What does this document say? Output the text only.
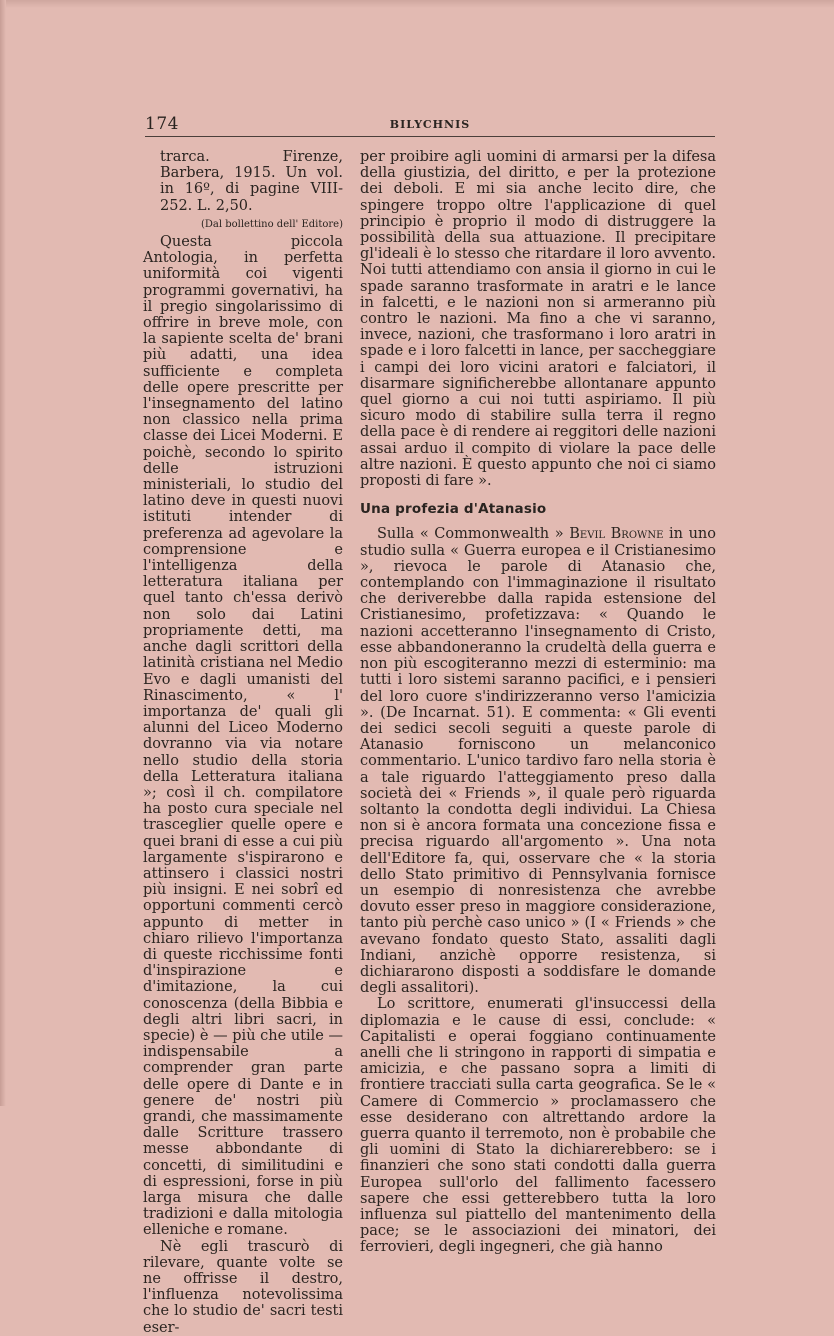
174	BILYCHNIS

trarca. Firenze, Barbera, 1915. Un vol. in 16º, di pagine VIII-252. L. 2,50.

(Dal bollettino dell' Editore)

Questa piccola Antologia, in perfetta uniformità coi vigenti programmi governativi, ha il pregio singolarissimo di offrire in breve mole, con la sapiente scelta de' brani più adatti, una idea sufficiente e completa delle opere prescritte per l'insegnamento del latino non classico nella prima classe dei Licei Moderni. E poichè, secondo lo spirito delle istruzioni ministeriali, lo studio del latino deve in questi nuovi istituti intender di preferenza ad agevolare la comprensione e l'intelligenza della letteratura italiana per quel tanto ch'essa derivò non solo dai Latini propriamente detti, ma anche dagli scrittori della latinità cristiana nel Medio Evo e dagli umanisti del Rinascimento, « l' importanza de' quali gli alunni del Liceo Moderno dovranno via via notare nello studio della storia della Letteratura italiana »; così il ch. compilatore ha posto cura speciale nel trasceglier quelle opere e quei brani di esse a cui più largamente s'ispirarono e attinsero i classici nostri più insigni. E nei sobrî ed opportuni commenti cercò appunto di metter in chiaro rilievo l'importanza di queste ricchissime fonti d'inspirazione e d'imitazione, la cui conoscenza (della Bibbia e degli altri libri sacri, in specie) è — più che utile — indispensabile a comprender gran parte delle opere di Dante e in genere de' nostri più grandi, che massimamente dalle Scritture trassero messe abbondante di concetti, di similitudini e di espressioni, forse in più larga misura che dalle tradizioni e dalla mitologia elleniche e romane.

Nè egli trascurò di rilevare, quante volte se ne offrisse il destro, l'influenza notevolissima che lo studio de' sacri testi eser-

per proibire agli uomini di armarsi per la difesa della giustizia, del diritto, e per la protezione dei deboli. E mi sia anche lecito dire, che spingere troppo oltre l'applicazione di quel principio è proprio il modo di distruggere la possibilità della sua attuazione. Il precipitare gl'ideali è lo stesso che ritardare il loro avvento. Noi tutti attendiamo con ansia il giorno in cui le spade saranno trasformate in aratri e le lance in falcetti, e le nazioni non si armeranno più contro le nazioni. Ma fino a che vi saranno, invece, nazioni, che trasformano i loro aratri in spade e i loro falcetti in lance, per saccheggiare i campi dei loro vicini aratori e falciatori, il disarmare significherebbe allontanare appunto quel giorno a cui noi tutti aspiriamo. Il più sicuro modo di stabilire sulla terra il regno della pace è di rendere ai reggitori delle nazioni assai arduo il compito di violare la pace delle altre nazioni. È questo appunto che noi ci siamo proposti di fare ».

Una profezia d'Atanasio

Sulla « Commonwealth » Bevil Browne in uno studio sulla « Guerra europea e il Cristianesimo », rievoca le parole di Atanasio che, contemplando con l'immaginazione il risultato che deriverebbe dalla rapida estensione del Cristianesimo, profetizzava: « Quando le nazioni accetteranno l'insegnamento di Cristo, esse abbandoneranno la crudeltà della guerra e non più escogiteranno mezzi di esterminio: ma tutti i loro sistemi saranno pacifici, e i pensieri del loro cuore s'indirizzeranno verso l'amicizia ». (De Incarnat. 51). E commenta: « Gli eventi dei sedici secoli seguiti a queste parole di Atanasio forniscono un melanconico commentario. L'unico tardivo faro nella storia è a tale riguardo l'atteggiamento preso dalla società dei « Friends », il quale però riguarda soltanto la condotta degli individui. La Chiesa non si è ancora formata una concezione fissa e precisa riguardo all'argomento ». Una nota dell'Editore fa, qui, osservare che « la storia dello Stato primitivo di Pennsylvania fornisce un esempio di nonresistenza che avrebbe dovuto esser preso in maggiore considerazione, tanto più perchè caso unico » (I « Friends » che avevano fondato questo Stato, assaliti dagli Indiani, anzichè opporre resistenza, si dichiararono disposti a soddisfare le domande degli assalitori).

Lo scrittore, enumerati gl'insuccessi della diplomazia e le cause di essi, conclude: « Capitalisti e operai foggiano continuamente anelli che li stringono in rapporti di simpatia e amicizia, e che passano sopra a limiti di frontiere tracciati sulla carta geografica. Se le « Camere di Commercio » proclamassero che esse desiderano con altrettando ardore la guerra quanto il terremoto, non è probabile che gli uomini di Stato la dichiarerebbero: se i finanzieri che sono stati condotti dalla guerra Europea sull'orlo del fallimento facessero sapere che essi getterebbero tutta la loro influenza sul piattello del mantenimento della pace; se le associazioni dei minatori, dei ferrovieri, degli ingegneri, che già hanno
